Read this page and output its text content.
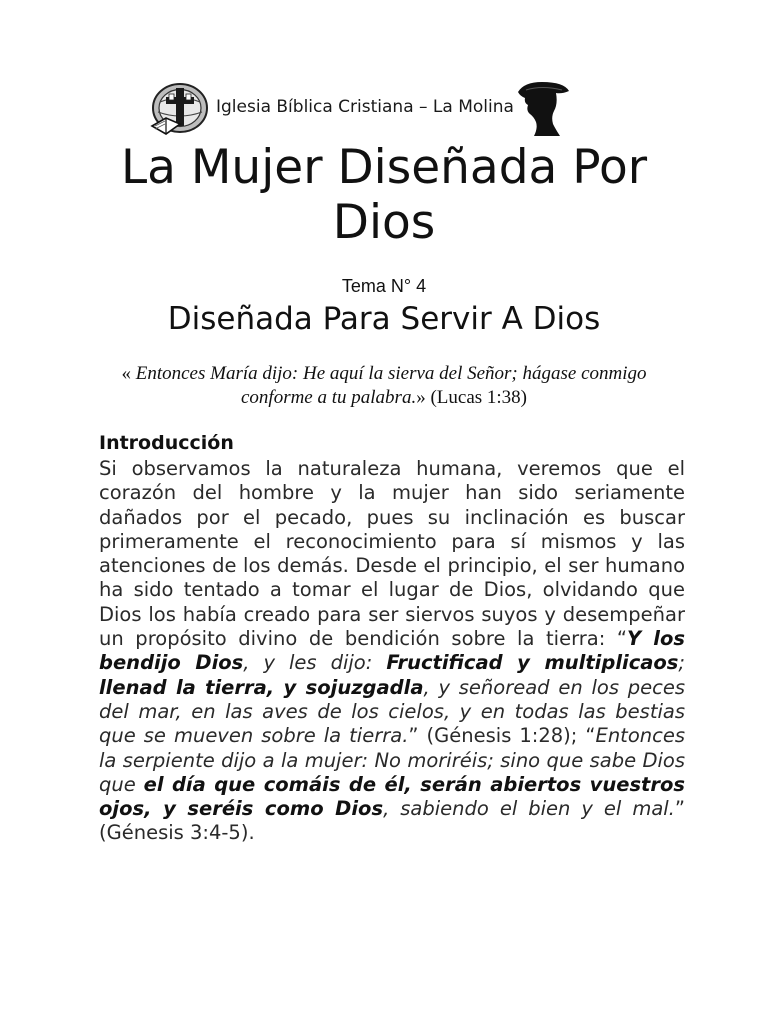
Iglesia Bíblica Cristiana – La Molina
La Mujer Diseñada Por Dios
Tema N° 4
Diseñada Para Servir A Dios
« Entonces María dijo: He aquí la sierva del Señor; hágase conmigo conforme a tu palabra.» (Lucas 1:38)
Introducción

Si observamos la naturaleza humana, veremos que el corazón del hombre y la mujer han sido seriamente dañados por el pecado, pues su inclinación es buscar primeramente el reconocimiento para sí mismos y las atenciones de los demás. Desde el principio, el ser humano ha sido tentado a tomar el lugar de Dios, olvidando que Dios los había creado para ser siervos suyos y desempeñar un propósito divino de bendición sobre la tierra: “Y los bendijo Dios, y les dijo: Fructificad y multiplicaos; llenad la tierra, y sojuzgadla, y señoread en los peces del mar, en las aves de los cielos, y en todas las bestias que se mueven sobre la tierra.” (Génesis 1:28); “Entonces la serpiente dijo a la mujer: No moriréis; sino que sabe Dios que el día que comáis de él, serán abiertos vuestros ojos, y seréis como Dios, sabiendo el bien y el mal.” (Génesis 3:4-5).
